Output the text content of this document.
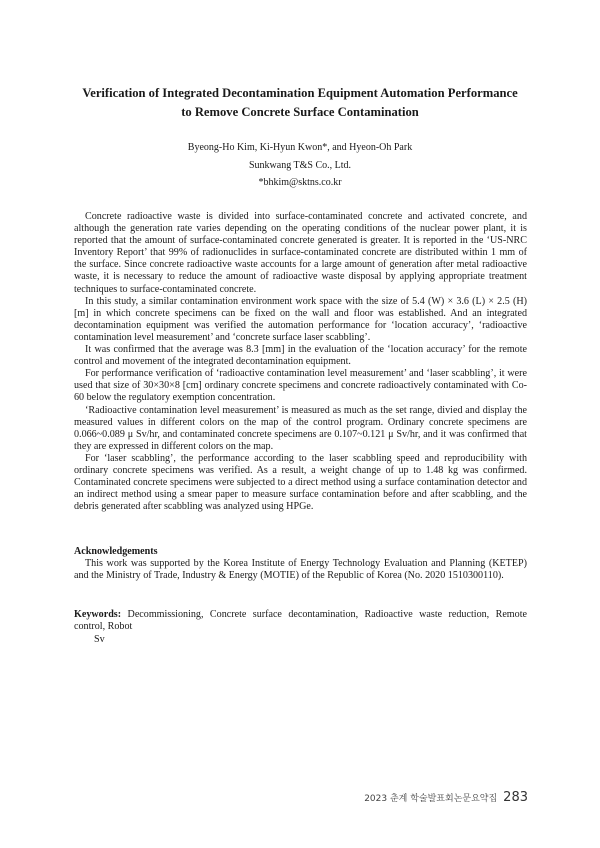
Verification of Integrated Decontamination Equipment Automation Performance
to Remove Concrete Surface Contamination
Byeong-Ho Kim, Ki-Hyun Kwon*, and Hyeon-Oh Park
Sunkwang T&S Co., Ltd.
*bhkim@sktns.co.kr

Concrete radioactive waste is divided into surface-contaminated concrete and activated concrete, and although the generation rate varies depending on the operating conditions of the nuclear power plant, it is reported that the amount of surface-contaminated concrete generated is greater. It is reported in the ‘US-NRC Inventory Report’ that 99% of radionuclides in surface-contaminated concrete are distributed within 1 mm of the surface. Since concrete radioactive waste accounts for a large amount of generation after metal radioactive waste, it is necessary to reduce the amount of radioactive waste disposal by applying appropriate treatment techniques to surface-contaminated concrete.

In this study, a similar contamination environment work space with the size of 5.4 (W) × 3.6 (L) × 2.5 (H) [m] in which concrete specimens can be fixed on the wall and floor was established. And an integrated decontamination equipment was verified the automation performance for ‘location accuracy’, ‘radioactive contamination level measurement’ and ‘concrete surface laser scabbling’.

It was confirmed that the average was 8.3 [mm] in the evaluation of the ‘location accuracy’ for the remote control and movement of the integrated decontamination equipment.

For performance verification of ‘radioactive contamination level measurement’ and ‘laser scabbling’, it were used that size of 30×30×8 [cm] ordinary concrete specimens and concrete radioactively contaminated with Co-60 below the regulatory exemption concentration.

‘Radioactive contamination level measurement’ is measured as much as the set range, divied and display the measured values in different colors on the map of the control program. Ordinary concrete specimens are 0.066~0.089 μ Sv/hr, and contaminated concrete specimens are 0.107~0.121 μ Sv/hr, and it was confirmed that they are expressed in different colors on the map.

For ‘laser scabbling’, the performance according to the laser scabbling speed and reproducibility with ordinary concrete specimens was verified. As a result, a weight change of up to 1.48 kg was confirmed. Contaminated concrete specimens were subjected to a direct method using a surface contamination detector and an indirect method using a smear paper to measure surface contamination before and after scabbling, and the debris generated after scabbling was analyzed using HPGe.

Acknowledgements

This work was supported by the Korea Institute of Energy Technology Evaluation and Planning (KETEP) and the Ministry of Trade, Industry & Energy (MOTIE) of the Republic of Korea (No. 2020 1510300110).

Keywords: Decommissioning, Concrete surface decontamination, Radioactive waste reduction, Remote control, Robot
Sv
2023 춘계 학술발표회논문요약집 283
